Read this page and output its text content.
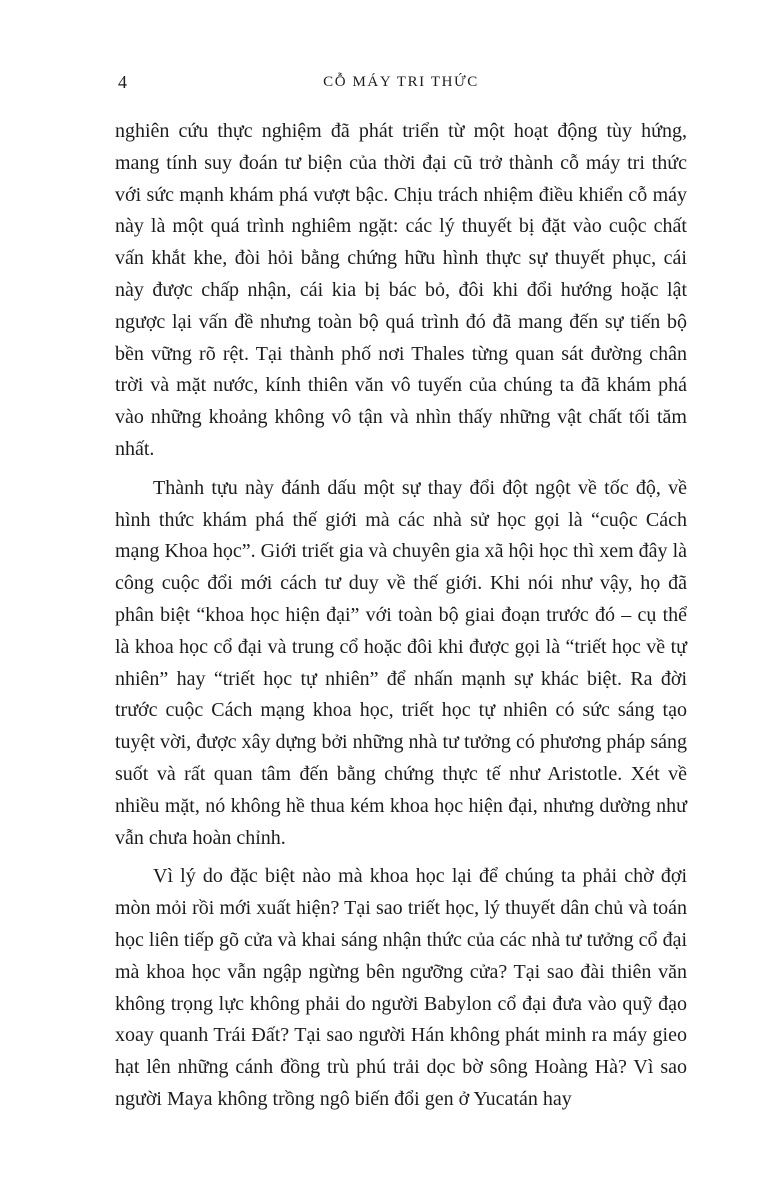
4	CỖ MÁY TRI THỨC

nghiên cứu thực nghiệm đã phát triển từ một hoạt động tùy hứng, mang tính suy đoán tư biện của thời đại cũ trở thành cỗ máy tri thức với sức mạnh khám phá vượt bậc. Chịu trách nhiệm điều khiển cỗ máy này là một quá trình nghiêm ngặt: các lý thuyết bị đặt vào cuộc chất vấn khắt khe, đòi hỏi bằng chứng hữu hình thực sự thuyết phục, cái này được chấp nhận, cái kia bị bác bỏ, đôi khi đổi hướng hoặc lật ngược lại vấn đề nhưng toàn bộ quá trình đó đã mang đến sự tiến bộ bền vững rõ rệt. Tại thành phố nơi Thales từng quan sát đường chân trời và mặt nước, kính thiên văn vô tuyến của chúng ta đã khám phá vào những khoảng không vô tận và nhìn thấy những vật chất tối tăm nhất.

Thành tựu này đánh dấu một sự thay đổi đột ngột về tốc độ, về hình thức khám phá thế giới mà các nhà sử học gọi là “cuộc Cách mạng Khoa học”. Giới triết gia và chuyên gia xã hội học thì xem đây là công cuộc đổi mới cách tư duy về thế giới. Khi nói như vậy, họ đã phân biệt “khoa học hiện đại” với toàn bộ giai đoạn trước đó – cụ thể là khoa học cổ đại và trung cổ hoặc đôi khi được gọi là “triết học về tự nhiên” hay “triết học tự nhiên” để nhấn mạnh sự khác biệt. Ra đời trước cuộc Cách mạng khoa học, triết học tự nhiên có sức sáng tạo tuyệt vời, được xây dựng bởi những nhà tư tưởng có phương pháp sáng suốt và rất quan tâm đến bằng chứng thực tế như Aristotle. Xét về nhiều mặt, nó không hề thua kém khoa học hiện đại, nhưng dường như vẫn chưa hoàn chỉnh.

Vì lý do đặc biệt nào mà khoa học lại để chúng ta phải chờ đợi mòn mỏi rồi mới xuất hiện? Tại sao triết học, lý thuyết dân chủ và toán học liên tiếp gõ cửa và khai sáng nhận thức của các nhà tư tưởng cổ đại mà khoa học vẫn ngập ngừng bên ngưỡng cửa? Tại sao đài thiên văn không trọng lực không phải do người Babylon cổ đại đưa vào quỹ đạo xoay quanh Trái Đất? Tại sao người Hán không phát minh ra máy gieo hạt lên những cánh đồng trù phú trải dọc bờ sông Hoàng Hà? Vì sao người Maya không trồng ngô biến đổi gen ở Yucatán hay
